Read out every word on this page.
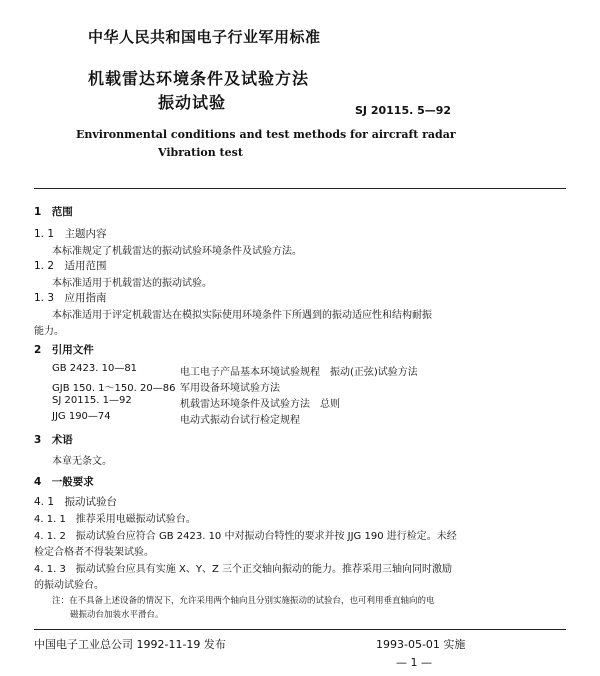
中华人民共和国电子行业军用标准
机载雷达环境条件及试验方法
振动试验	SJ 20115. 5—92
Environmental conditions and test methods for aircraft radar
Vibration test
1　范围
1. 1　主题内容
本标准规定了机载雷达的振动试验环境条件及试验方法。
1. 2　适用范围
本标准适用于机载雷达的振动试验。
1. 3　应用指南
本标准适用于评定机载雷达在模拟实际使用环境条件下所遇到的振动适应性和结构耐振
能力。
2　引用文件
GB 2423. 10—81	电工电子产品基本环境试验规程　振动(正弦)试验方法
GJB 150. 1～150. 20—86 军用设备环境试验方法
SJ 20115. 1—92	机载雷达环境条件及试验方法　总则
JJG 190—74	电动式振动台试行检定规程
3　术语
本章无条文。
4　一般要求
4. 1　振动试验台
4. 1. 1　推荐采用电磁振动试验台。
4. 1. 2　振动试验台应符合 GB 2423. 10 中对振动台特性的要求并按 JJG 190 进行检定。未经
检定合格者不得装架试验。
4. 1. 3　振动试验台应具有实施 X、Y、Z 三个正交轴向振动的能力。推荐采用三轴向同时激励
的振动试验台。
注：在不具备上述设备的情况下，允许采用两个轴向且分别实施振动的试验台，也可利用垂直轴向的电
磁振动台加装水平滑台。
中国电子工业总公司 1992-11-19 发布	1993-05-01 实施
— 1 —
